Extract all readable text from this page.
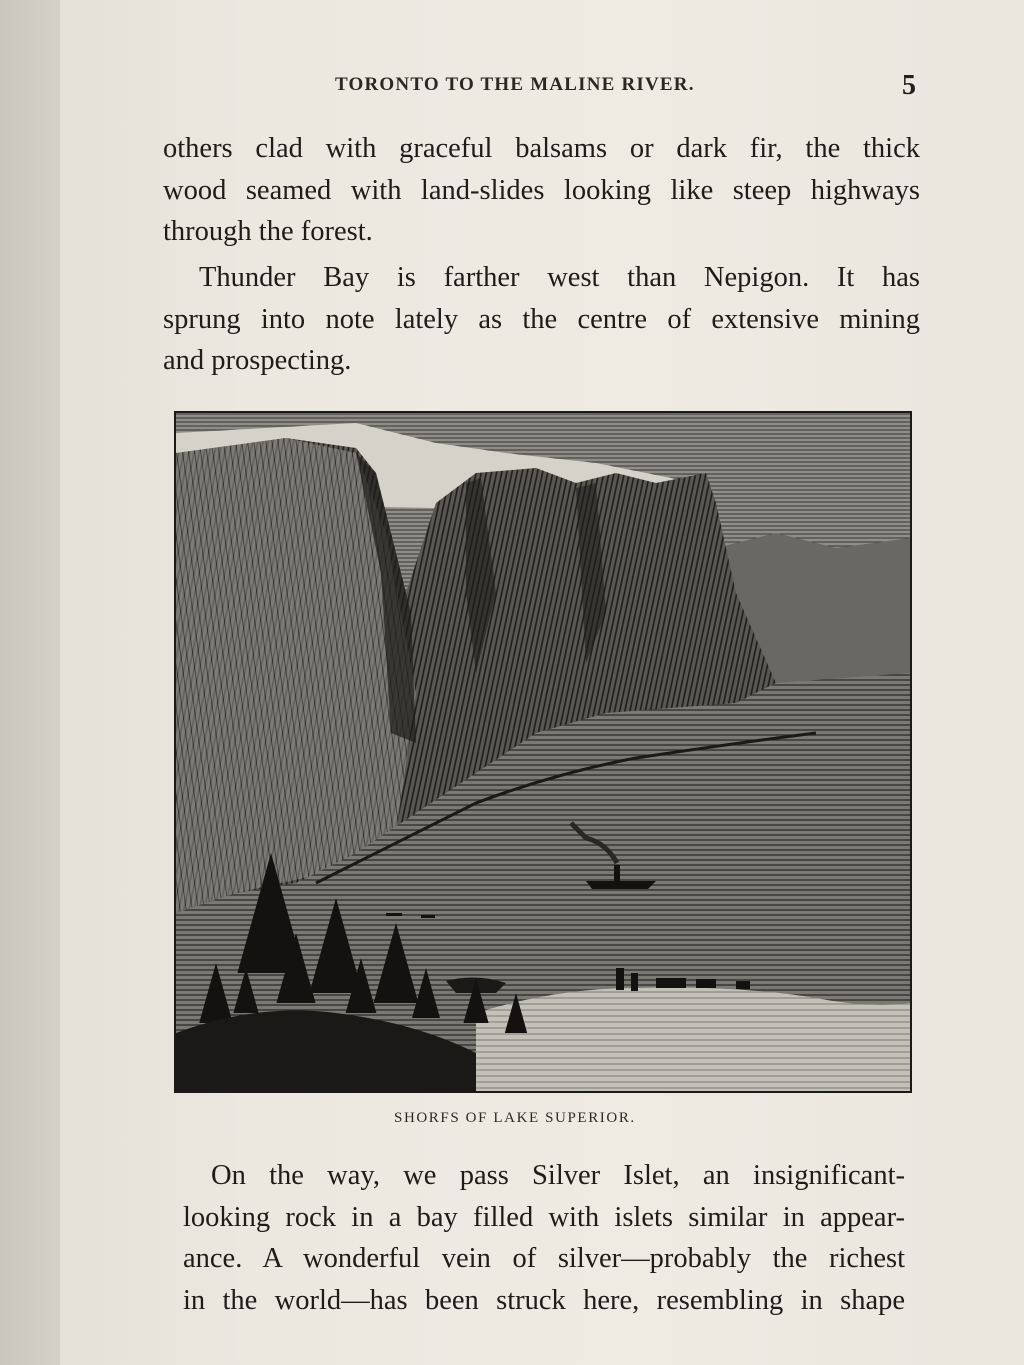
TORONTO TO THE MALINE RIVER.	5
others clad with graceful balsams or dark fir, the thick
wood seamed with land-slides looking like steep highways
through the forest.
Thunder Bay is farther west than Nepigon. It has
sprung into note lately as the centre of extensive mining
and prospecting.
SHORFS OF LAKE SUPERIOR.
On the way, we pass Silver Islet, an insignificant-
looking rock in a bay filled with islets similar in appear-
ance. A wonderful vein of silver—probably the richest
in the world—has been struck here, resembling in shape
